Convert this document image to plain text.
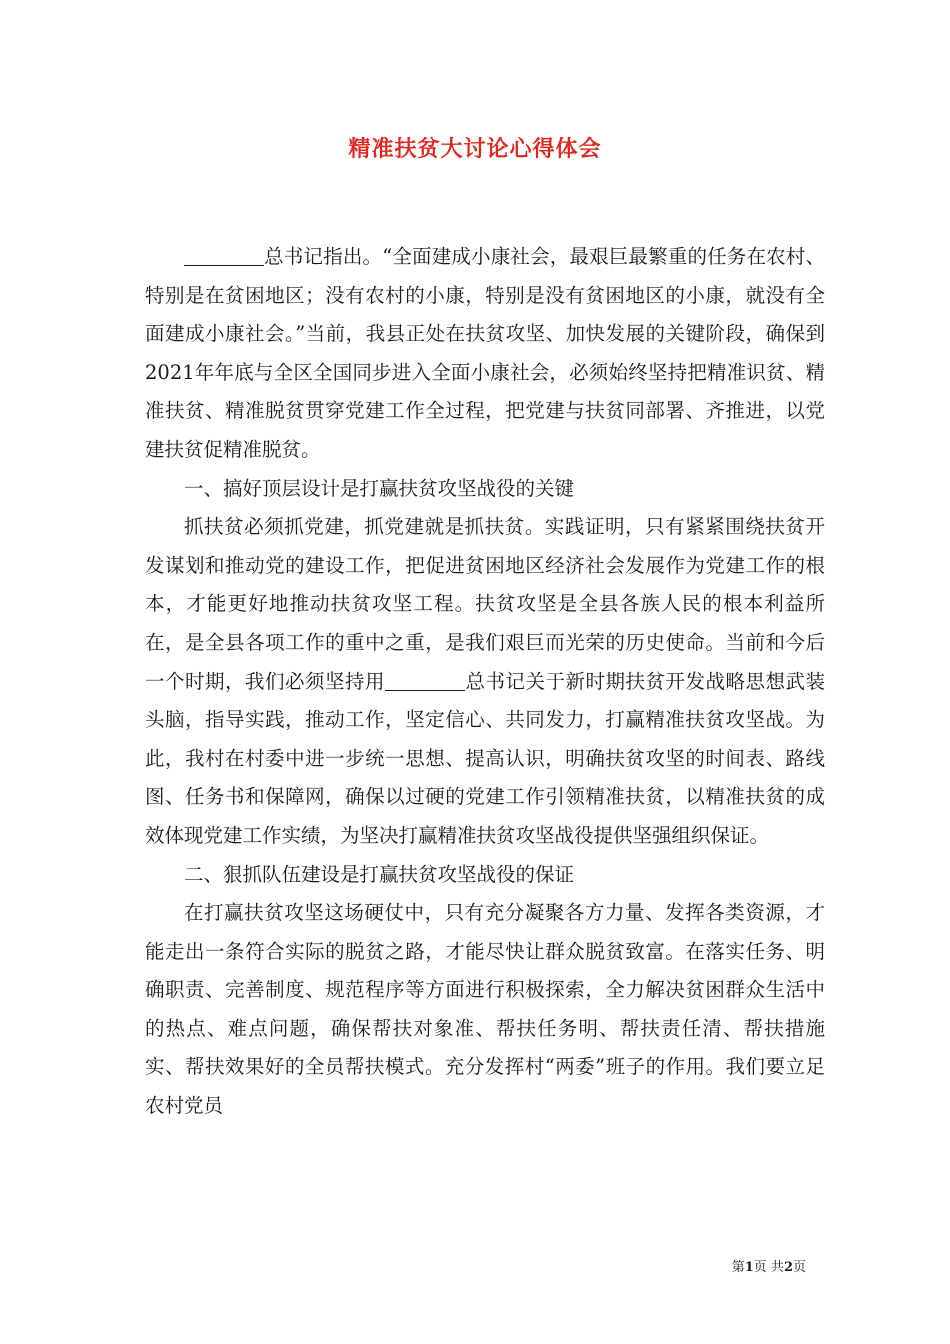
精准扶贫大讨论心得体会

总书记指出。“全面建成小康社会，最艰巨最繁重的任务在农村、特别是在贫困地区；没有农村的小康，特别是没有贫困地区的小康，就没有全面建成小康社会。”当前，我县正处在扶贫攻坚、加快发展的关键阶段，确保到2021年年底与全区全国同步进入全面小康社会，必须始终坚持把精准识贫、精准扶贫、精准脱贫贯穿党建工作全过程，把党建与扶贫同部署、齐推进，以党建扶贫促精准脱贫。

一、搞好顶层设计是打赢扶贫攻坚战役的关键

抓扶贫必须抓党建，抓党建就是抓扶贫。实践证明，只有紧紧围绕扶贫开发谋划和推动党的建设工作，把促进贫困地区经济社会发展作为党建工作的根本，才能更好地推动扶贫攻坚工程。扶贫攻坚是全县各族人民的根本利益所在，是全县各项工作的重中之重，是我们艰巨而光荣的历史使命。当前和今后一个时期，我们必须坚持用	总书记关于新时期扶贫开发战略思想武装头脑，指导实践，推动工作，坚定信心、共同发力，打赢精准扶贫攻坚战。为此，我村在村委中进一步统一思想、提高认识，明确扶贫攻坚的时间表、路线图、任务书和保障网，确保以过硬的党建工作引领精准扶贫，以精准扶贫的成效体现党建工作实绩，为坚决打赢精准扶贫攻坚战役提供坚强组织保证。

二、狠抓队伍建设是打赢扶贫攻坚战役的保证

在打赢扶贫攻坚这场硬仗中，只有充分凝聚各方力量、发挥各类资源，才能走出一条符合实际的脱贫之路，才能尽快让群众脱贫致富。在落实任务、明确职责、完善制度、规范程序等方面进行积极探索，全力解决贫困群众生活中的热点、难点问题，确保帮扶对象准、帮扶任务明、帮扶责任清、帮扶措施实、帮扶效果好的全员帮扶模式。充分发挥村“两委”班子的作用。我们要立足农村党员

第1页 共2页
